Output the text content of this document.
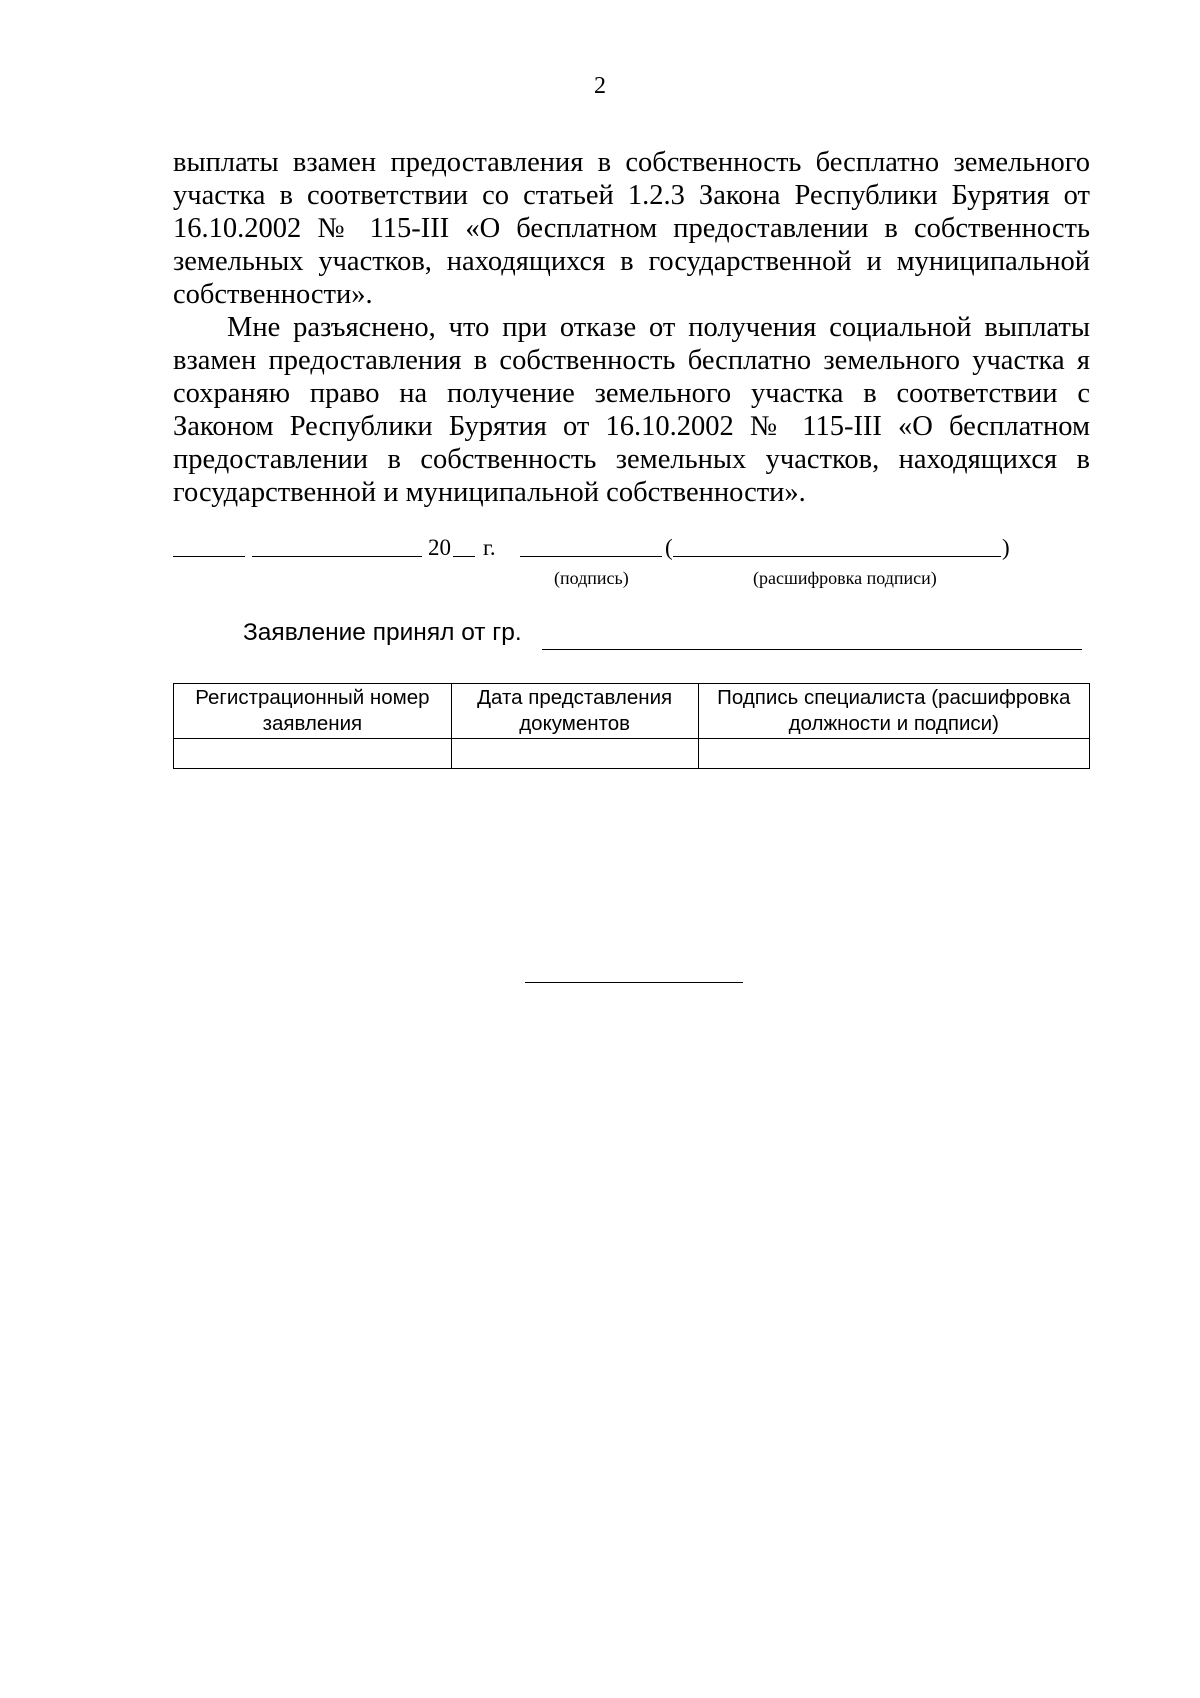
2

выплаты взамен предоставления в собственность бесплатно земельного участка в соответствии со статьей 1.2.3 Закона Республики Бурятия от 16.10.2002 № 115-III «О бесплатном предоставлении в собственность земельных участков, находящихся в государственной и муниципальной собственности».

Мне разъяснено, что при отказе от получения социальной выплаты взамен предоставления в собственность бесплатно земельного участка я сохраняю право на получение земельного участка в соответствии с Законом Республики Бурятия от 16.10.2002 № 115-III «О бесплатном предоставлении в собственность земельных участков, находящихся в государственной и муниципальной собственности».

20 г.	(	)
(подпись)	(расшифровка подписи)
Заявление принял от гр.
Регистрационный номер заявления	Дата представления документов	Подпись специалиста (расшифровка должности и подписи)
